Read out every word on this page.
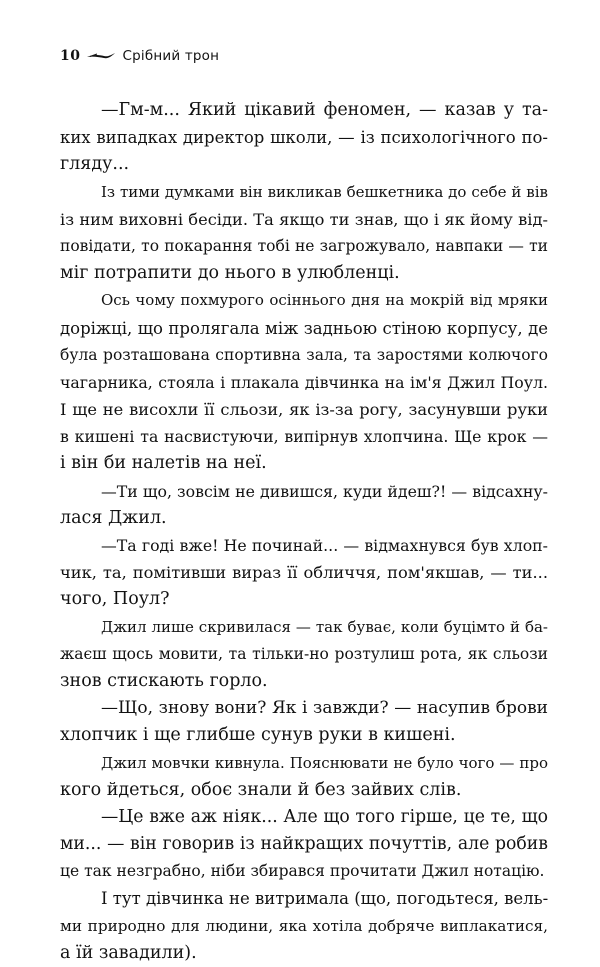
10	Срібний трон
—Гм-м... Який цікавий феномен, — казав у та-
ких випадках директор школи, — із психологічного по-
гляду...
Із тими думками він викликав бешкетника до себе й вів
із ним виховні бесіди. Та якщо ти знав, що і як йому від-
повідати, то покарання тобі не загрожувало, навпаки — ти
міг потрапити до нього в улюбленці.
Ось чому похмурого осіннього дня на мокрій від мряки
доріжці, що пролягала між задньою стіною корпусу, де
була розташована спортивна зала, та заростями колючого
чагарника, стояла і плакала дівчинка на ім'я Джил Поул.
І ще не висохли її сльози, як із-за рогу, засунувши руки
в кишені та насвистуючи, випірнув хлопчина. Ще крок —
і він би налетів на неї.
—Ти що, зовсім не дивишся, куди йдеш?! — відсахну-
лася Джил.
—Та годі вже! Не починай... — відмахнувся був хлоп-
чик, та, помітивши вираз її обличчя, пом'якшав, — ти...
чого, Поул?
Джил лише скривилася — так буває, коли буцімто й ба-
жаєш щось мовити, та тільки-но розтулиш рота, як сльози
знов стискають горло.
—Що, знову вони? Як і завжди? — насупив брови
хлопчик і ще глибше сунув руки в кишені.
Джил мовчки кивнула. Пояснювати не було чого — про
кого йдеться, обоє знали й без зайвих слів.
—Це вже аж ніяк... Але що того гірше, це те, що
ми... — він говорив із найкращих почуттів, але робив
це так незграбно, ніби збирався прочитати Джил нотацію.
І тут дівчинка не витримала (що, погодьтеся, вель-
ми природно для людини, яка хотіла добряче виплакатися,
а їй завадили).
